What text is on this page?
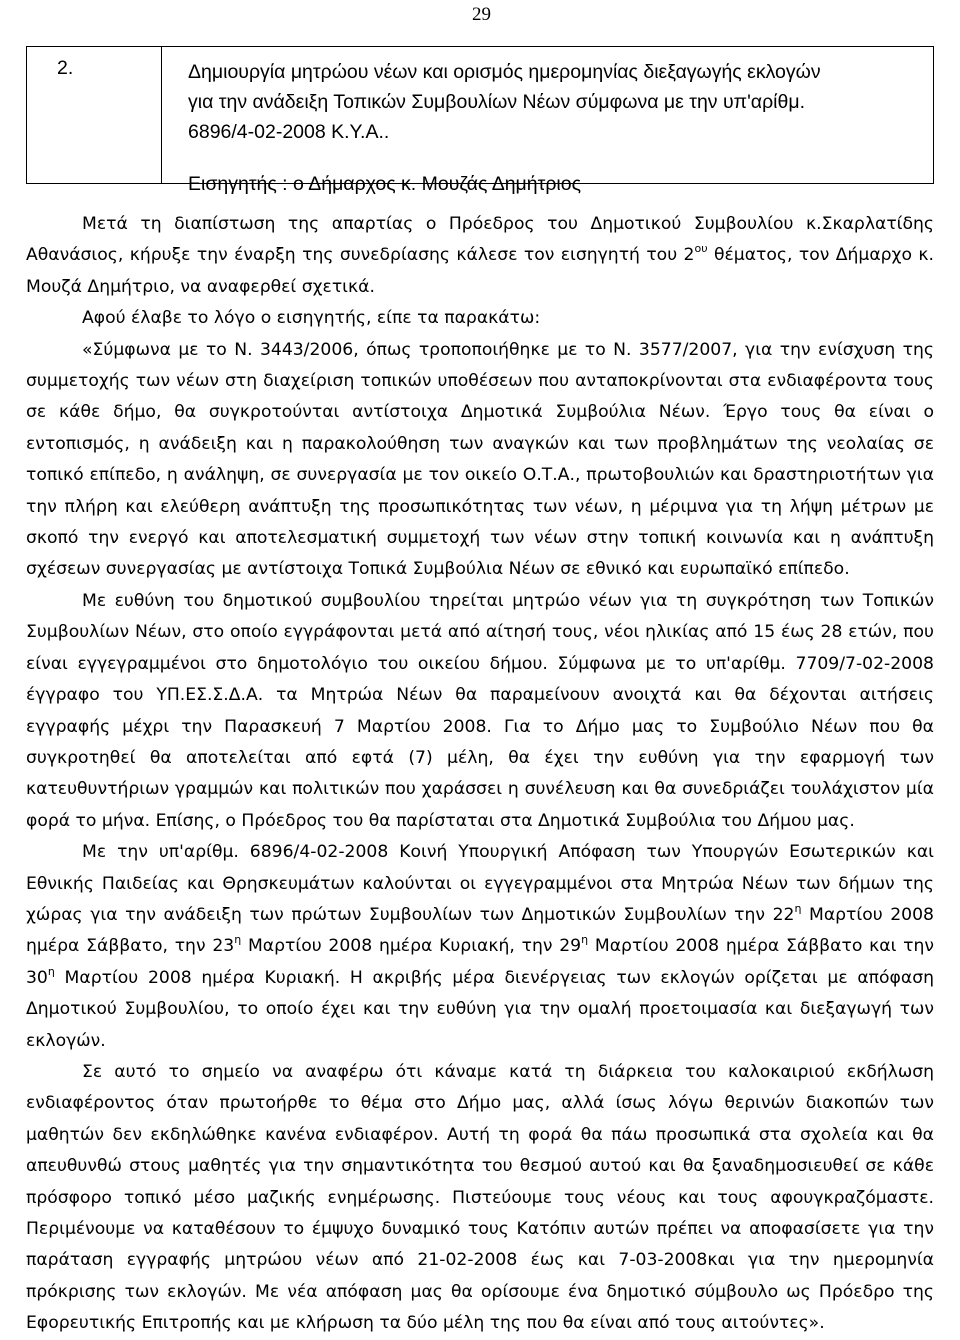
29
2.	Δημιουργία μητρώου νέων και ορισμός ημερομηνίας διεξαγωγής εκλογών

για την ανάδειξη Τοπικών Συμβουλίων Νέων σύμφωνα με την υπ'αρίθμ.

6896/4-02-2008 Κ.Υ.Α..

Εισηγητής : ο Δήμαρχος κ. Μουζάς Δημήτριος

Μετά τη διαπίστωση της απαρτίας ο Πρόεδρος του Δημοτικού Συμβουλίου κ.Σκαρλατίδης Αθανάσιος, κήρυξε την έναρξη της συνεδρίασης κάλεσε τον εισηγητή του $2^{o\upsilon}$ θέματος, τον Δήμαρχο κ. Μουζά Δημήτριο, να αναφερθεί σχετικά.

Αφού έλαβε το λόγο ο εισηγητής, είπε τα παρακάτω:

«Σύμφωνα με το Ν. 3443/2006, όπως τροποποιήθηκε με το Ν. 3577/2007, για την ενίσχυση της συμμετοχής των νέων στη διαχείριση τοπικών υποθέσεων που ανταποκρίνονται στα ενδιαφέροντα τους σε κάθε δήμο, θα συγκροτούνται αντίστοιχα Δημοτικά Συμβούλια Νέων. Έργο τους θα είναι ο εντοπισμός, η ανάδειξη και η παρακολούθηση των αναγκών και των προβλημάτων της νεολαίας σε τοπικό επίπεδο, η ανάληψη, σε συνεργασία με τον οικείο Ο.Τ.Α., πρωτοβουλιών και δραστηριοτήτων για την πλήρη και ελεύθερη ανάπτυξη της προσωπικότητας των νέων, η μέριμνα για τη λήψη μέτρων με σκοπό την ενεργό και αποτελεσματική συμμετοχή των νέων στην τοπική κοινωνία και η ανάπτυξη σχέσεων συνεργασίας με αντίστοιχα Τοπικά Συμβούλια Νέων σε εθνικό και ευρωπαϊκό επίπεδο.

Με ευθύνη του δημοτικού συμβουλίου τηρείται μητρώο νέων για τη συγκρότηση των Τοπικών Συμβουλίων Νέων, στο οποίο εγγράφονται μετά από αίτησή τους, νέοι ηλικίας από 15 έως 28 ετών, που είναι εγγεγραμμένοι στο δημοτολόγιο του οικείου δήμου. Σύμφωνα με το υπ'αρίθμ. 7709/7-02-2008 έγγραφο του ΥΠ.ΕΣ.Σ.Δ.Α. τα Μητρώα Νέων θα παραμείνουν ανοιχτά και θα δέχονται αιτήσεις εγγραφής μέχρι την Παρασκευή 7 Μαρτίου 2008. Για το Δήμο μας το Συμβούλιο Νέων που θα συγκροτηθεί θα αποτελείται από εφτά (7) μέλη, θα έχει την ευθύνη για την εφαρμογή των κατευθυντήριων γραμμών και πολιτικών που χαράσσει η συνέλευση και θα συνεδριάζει τουλάχιστον μία φορά το μήνα. Επίσης, ο Πρόεδρος του θα παρίσταται στα Δημοτικά Συμβούλια του Δήμου μας.

Με την υπ'αρίθμ. 6896/4-02-2008 Κοινή Υπουργική Απόφαση των Υπουργών Εσωτερικών και Εθνικής Παιδείας και Θρησκευμάτων καλούνται οι εγγεγραμμένοι στα Μητρώα Νέων των δήμων της χώρας για την ανάδειξη των πρώτων Συμβουλίων των Δημοτικών Συμβουλίων την $22^\eta$ Μαρτίου 2008 ημέρα Σάββατο, την $23^\eta$ Μαρτίου 2008 ημέρα Κυριακή, την $29^\eta$ Μαρτίου 2008 ημέρα Σάββατο και την $30^\eta$ Μαρτίου 2008 ημέρα Κυριακή. Η ακριβής μέρα διενέργειας των εκλογών ορίζεται με απόφαση Δημοτικού Συμβουλίου, το οποίο έχει και την ευθύνη για την ομαλή προετοιμασία και διεξαγωγή των εκλογών.

Σε αυτό το σημείο να αναφέρω ότι κάναμε κατά τη διάρκεια του καλοκαιριού εκδήλωση ενδιαφέροντος όταν πρωτοήρθε το θέμα στο Δήμο μας, αλλά ίσως λόγω θερινών διακοπών των μαθητών δεν εκδηλώθηκε κανένα ενδιαφέρον. Αυτή τη φορά θα πάω προσωπικά στα σχολεία και θα απευθυνθώ στους μαθητές για την σημαντικότητα του θεσμού αυτού και θα ξαναδημοσιευθεί σε κάθε πρόσφορο τοπικό μέσο μαζικής ενημέρωσης. Πιστεύουμε τους νέους και τους αφουγκραζόμαστε. Περιμένουμε να καταθέσουν το έμψυχο δυναμικό τους Κατόπιν αυτών πρέπει να αποφασίσετε για την παράταση εγγραφής μητρώου νέων από 21-02-2008 έως και 7-03-2008και για την ημερομηνία πρόκρισης των εκλογών. Με νέα απόφαση μας θα ορίσουμε ένα δημοτικό σύμβουλο ως Πρόεδρο της Εφορευτικής Επιτροπής και με κλήρωση τα δύο μέλη της που θα είναι από τους αιτούντες».
